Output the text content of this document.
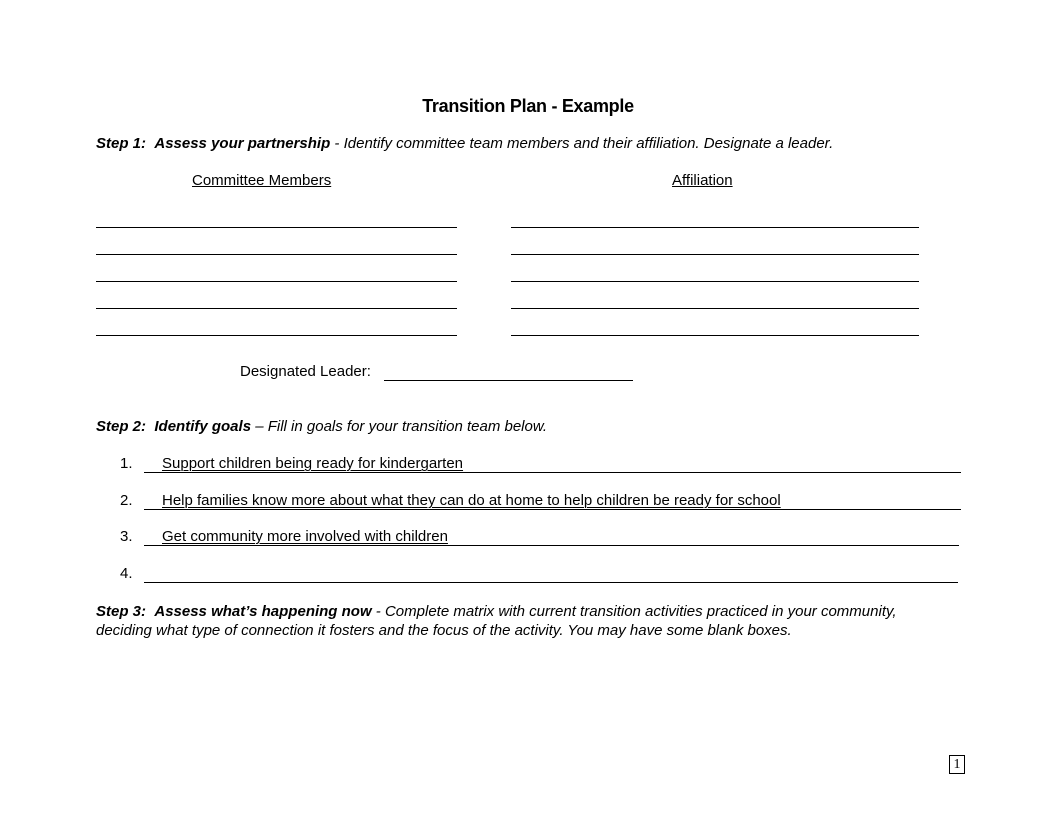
Transition Plan - Example
Step 1: Assess your partnership - Identify committee team members and their affiliation. Designate a leader.
Committee Members	Affiliation
Designated Leader:
Step 2: Identify goals – Fill in goals for your transition team below.
1. Support children being ready for kindergarten
2. Help families know more about what they can do at home to help children be ready for school
3. Get community more involved with children
4.
Step 3: Assess what’s happening now - Complete matrix with current transition activities practiced in your community, deciding what type of connection it fosters and the focus of the activity. You may have some blank boxes.
1
